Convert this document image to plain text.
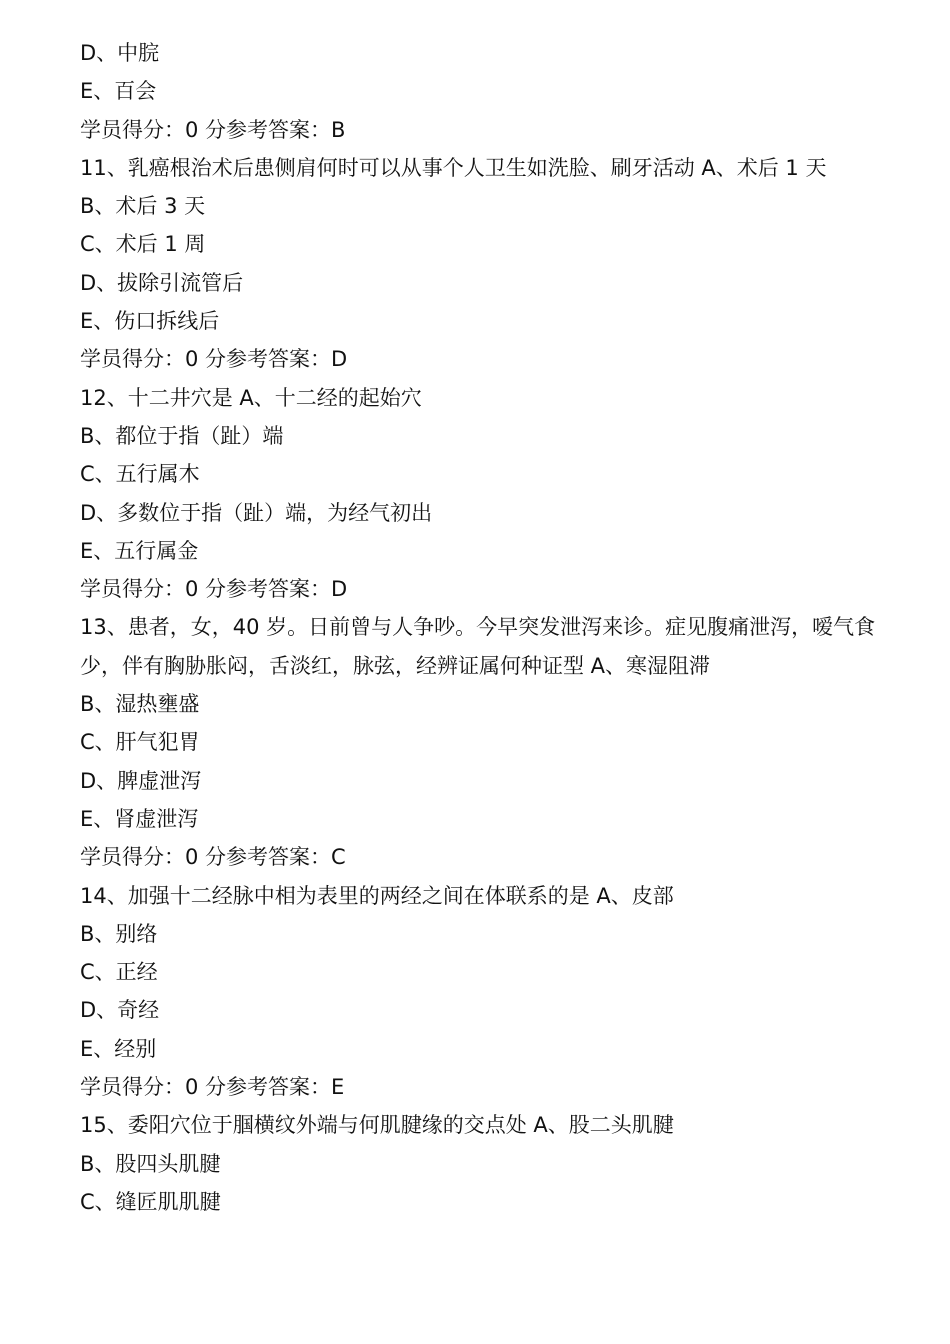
D、中脘
E、百会
学员得分：0 分参考答案：B
11、乳癌根治术后患侧肩何时可以从事个人卫生如洗脸、刷牙活动 A、术后 1 天
B、术后 3 天
C、术后 1 周
D、拔除引流管后
E、伤口拆线后
学员得分：0 分参考答案：D
12、十二井穴是 A、十二经的起始穴
B、都位于指（趾）端
C、五行属木
D、多数位于指（趾）端，为经气初出
E、五行属金
学员得分：0 分参考答案：D
13、患者，女，40 岁。日前曾与人争吵。今早突发泄泻来诊。症见腹痛泄泻，嗳气食少，伴有胸胁胀闷，舌淡红，脉弦，经辨证属何种证型 A、寒湿阻滞
B、湿热壅盛
C、肝气犯胃
D、脾虚泄泻
E、肾虚泄泻
学员得分：0 分参考答案：C
14、加强十二经脉中相为表里的两经之间在体联系的是 A、皮部
B、别络
C、正经
D、奇经
E、经别
学员得分：0 分参考答案：E
15、委阳穴位于腘横纹外端与何肌腱缘的交点处 A、股二头肌腱
B、股四头肌腱
C、缝匠肌肌腱
